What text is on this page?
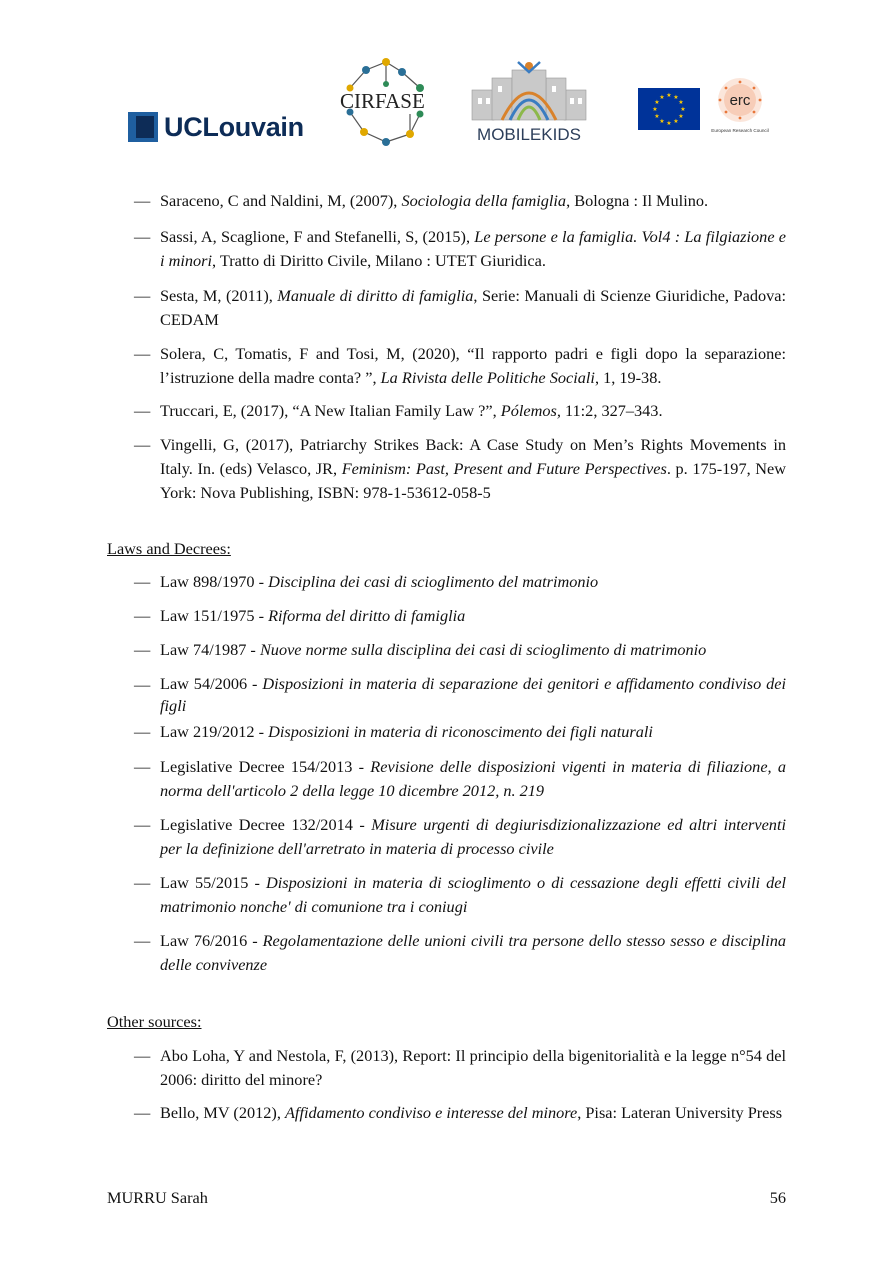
UCLouvain
CIRFASE
MOBILEKIDS
★ ★
★
★
★
★
★
★
★
★
★
★	erc
European Research Council
— Saraceno, C and Naldini, M, (2007), Sociologia della famiglia, Bologna : Il Mulino.
— Sassi, A, Scaglione, F and Stefanelli, S, (2015), Le persone e la famiglia. Vol4 : La filgiazione e i minori, Tratto di Diritto Civile, Milano : UTET Giuridica.
— Sesta, M, (2011), Manuale di diritto di famiglia, Serie: Manuali di Scienze Giuridiche, Padova: CEDAM
— Solera, C, Tomatis, F and Tosi, M, (2020), “Il rapporto padri e figli dopo la separazione: l’istruzione della madre conta? ”, La Rivista delle Politiche Sociali, 1, 19-38.
— Truccari, E, (2017), “A New Italian Family Law ?”, Pólemos, 11:2, 327–343.
— Vingelli, G, (2017), Patriarchy Strikes Back: A Case Study on Men’s Rights Movements in Italy. In. (eds) Velasco, JR, Feminism: Past, Present and Future Perspectives. p. 175-197, New York: Nova Publishing, ISBN: 978-1-53612-058-5
Laws and Decrees:
— Law 898/1970 - Disciplina dei casi di scioglimento del matrimonio
— Law 151/1975 - Riforma del diritto di famiglia
— Law 74/1987 - Nuove norme sulla disciplina dei casi di scioglimento di matrimonio
— Law 54/2006 - Disposizioni in materia di separazione dei genitori e affidamento condiviso dei figli
— Law 219/2012 - Disposizioni in materia di riconoscimento dei figli naturali
— Legislative Decree 154/2013 - Revisione delle disposizioni vigenti in materia di filiazione, a norma dell'articolo 2 della legge 10 dicembre 2012, n. 219
— Legislative Decree 132/2014 - Misure urgenti di degiurisdizionalizzazione ed altri interventi per la definizione dell'arretrato in materia di processo civile
— Law 55/2015 - Disposizioni in materia di scioglimento o di cessazione degli effetti civili del matrimonio nonche' di comunione tra i coniugi
— Law 76/2016 - Regolamentazione delle unioni civili tra persone dello stesso sesso e disciplina delle convivenze
Other sources:
— Abo Loha, Y and Nestola, F, (2013), Report: Il principio della bigenitorialità e la legge n°54 del 2006: diritto del minore?
— Bello, MV (2012), Affidamento condiviso e interesse del minore, Pisa: Lateran University Press
MURRU Sarah	56
